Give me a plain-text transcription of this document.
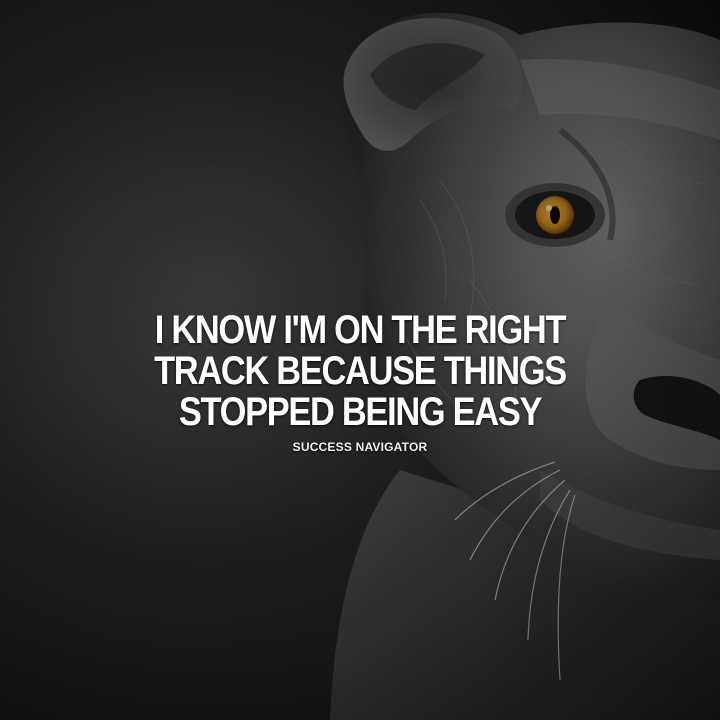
I KNOW I'M ON THE RIGHT
TRACK BECAUSE THINGS
STOPPED BEING EASY
SUCCESS NAVIGATOR
